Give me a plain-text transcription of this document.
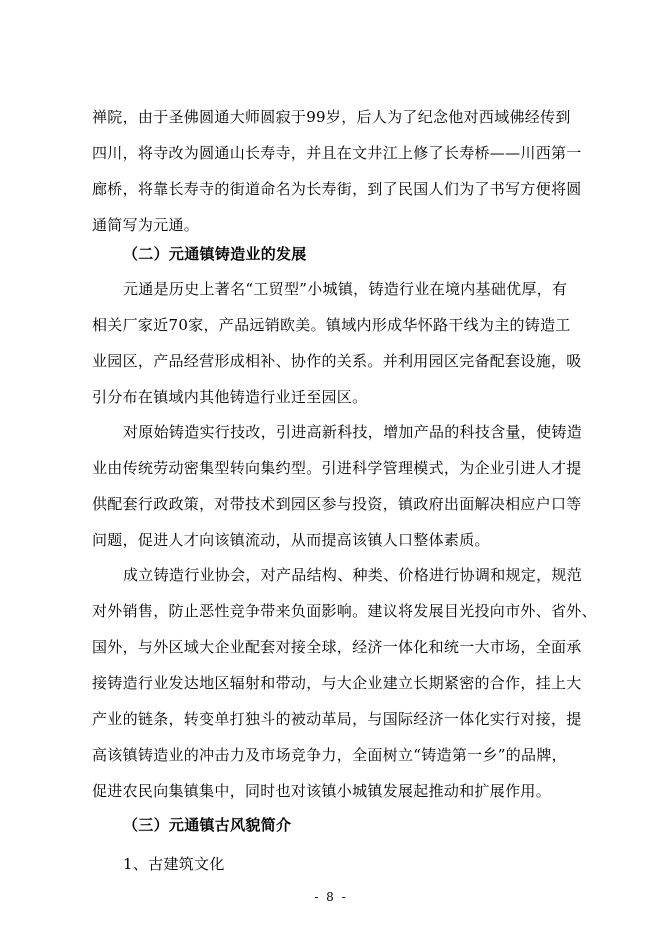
禅院，由于圣佛圆通大师圆寂于99岁，后人为了纪念他对西域佛经传到
四川，将寺改为圆通山长寿寺，并且在文井江上修了长寿桥——川西第一
廊桥，将靠长寿寺的街道命名为长寿街，到了民国人们为了书写方便将圆
通简写为元通。
（二）元通镇铸造业的发展
元通是历史上著名“工贸型”小城镇，铸造行业在境内基础优厚，有
相关厂家近70家，产品远销欧美。镇域内形成华怀路干线为主的铸造工
业园区，产品经营形成相补、协作的关系。并利用园区完备配套设施，吸
引分布在镇域内其他铸造行业迁至园区。
对原始铸造实行技改，引进高新科技，增加产品的科技含量，使铸造
业由传统劳动密集型转向集约型。引进科学管理模式，为企业引进人才提
供配套行政政策，对带技术到园区参与投资，镇政府出面解决相应户口等
问题，促进人才向该镇流动，从而提高该镇人口整体素质。
成立铸造行业协会，对产品结构、种类、价格进行协调和规定，规范
对外销售，防止恶性竞争带来负面影响。建议将发展目光投向市外、省外、
国外，与外区域大企业配套对接全球，经济一体化和统一大市场，全面承
接铸造行业发达地区辐射和带动，与大企业建立长期紧密的合作，挂上大
产业的链条，转变单打独斗的被动革局，与国际经济一体化实行对接，提
高该镇铸造业的冲击力及市场竞争力，全面树立“铸造第一乡”的品牌，
促进农民向集镇集中，同时也对该镇小城镇发展起推动和扩展作用。
（三）元通镇古风貌简介
1、古建筑文化
- 8 -
